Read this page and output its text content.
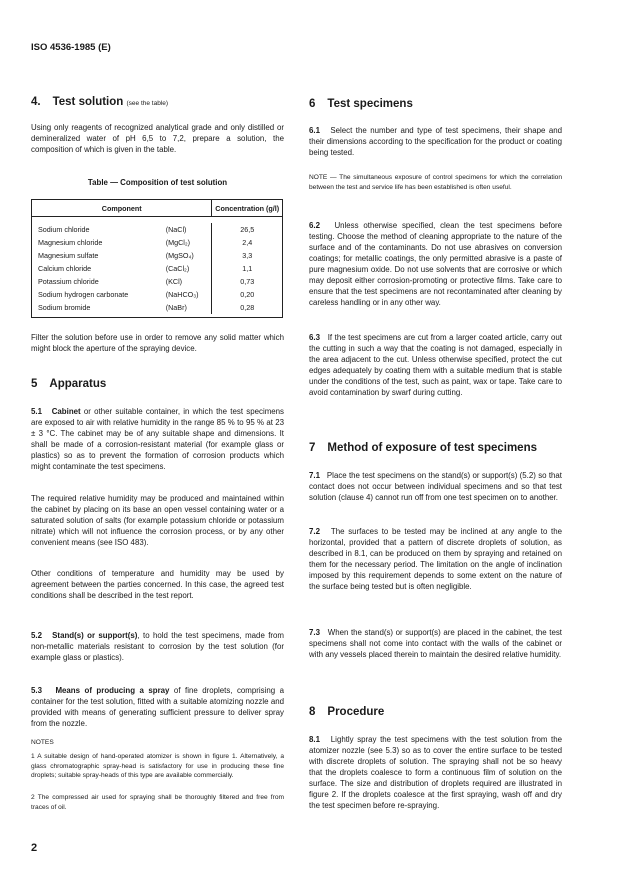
ISO 4536-1985 (E)
4. Test solution (see the table)
Using only reagents of recognized analytical grade and only distilled or demineralized water of pH 6,5 to 7,2, prepare a solution, the composition of which is given in the table.
Table — Composition of test solution
Component		Concentration (g/l)

Sodium chloride	(NaCl)	26,5
Magnesium chloride	(MgCl₂)	2,4
Magnesium sulfate	(MgSO₄)	3,3
Calcium chloride	(CaCl₂)	1,1
Potassium chloride	(KCl)	0,73
Sodium hydrogen carbonate	(NaHCO₃)	0,20
Sodium bromide	(NaBr)	0,28

Filter the solution before use in order to remove any solid matter which might block the aperture of the spraying device.
5 Apparatus
5.1 Cabinet or other suitable container, in which the test specimens are exposed to air with relative humidity in the range 85 % to 95 % at 23 ± 3 °C. The cabinet may be of any suitable shape and dimensions. It shall be made of a corrosion-resistant material (for example glass or plastics) so as to prevent the formation of corrosion products which might contaminate the test specimens.
The required relative humidity may be produced and maintained within the cabinet by placing on its base an open vessel containing water or a saturated solution of salts (for example potassium chloride or potassium nitrate) which will not influence the corrosion process, or by any other convenient means (see ISO 483).
Other conditions of temperature and humidity may be used by agreement between the parties concerned. In this case, the agreed test conditions shall be described in the test report.
5.2 Stand(s) or support(s), to hold the test specimens, made from non-metallic materials resistant to corrosion by the test solution (for example glass or plastics).
5.3 Means of producing a spray of fine droplets, comprising a container for the test solution, fitted with a suitable atomizing nozzle and provided with means of generating sufficient pressure to deliver spray from the nozzle.
NOTES
1 A suitable design of hand-operated atomizer is shown in figure 1. Alternatively, a glass chromatographic spray-head is satisfactory for use in producing these fine droplets; suitable spray-heads of this type are available commercially.
2 The compressed air used for spraying shall be thoroughly filtered and free from traces of oil.
2
6 Test specimens
6.1 Select the number and type of test specimens, their shape and their dimensions according to the specification for the product or coating being tested.
NOTE — The simultaneous exposure of control specimens for which the correlation between the test and service life has been established is often useful.
6.2 Unless otherwise specified, clean the test specimens before testing. Choose the method of cleaning appropriate to the nature of the surface and of the contaminants. Do not use abrasives on conversion coatings; for metallic coatings, the only permitted abrasive is a paste of pure magnesium oxide. Do not use solvents that are corrosive or which may deposit either corrosion-promoting or protective films. Take care to ensure that the test specimens are not recontaminated after cleaning by careless handling or in any other way.
6.3 If the test specimens are cut from a larger coated article, carry out the cutting in such a way that the coating is not damaged, especially in the area adjacent to the cut. Unless otherwise specified, protect the cut edges adequately by coating them with a suitable medium that is stable under the conditions of the test, such as paint, wax or tape. Take care to avoid contamination by swarf during cutting.
7 Method of exposure of test specimens
7.1 Place the test specimens on the stand(s) or support(s) (5.2) so that contact does not occur between individual specimens and so that test solution (clause 4) cannot run off from one test specimen on to another.
7.2 The surfaces to be tested may be inclined at any angle to the horizontal, provided that a pattern of discrete droplets of solution, as described in 8.1, can be produced on them by spraying and retained on them for the necessary period. The limitation on the angle of inclination imposed by this requirement depends to some extent on the nature of the surface being tested but is often negligible.
7.3 When the stand(s) or support(s) are placed in the cabinet, the test specimens shall not come into contact with the walls of the cabinet or with any vessels placed therein to maintain the desired relative humidity.
8 Procedure
8.1 Lightly spray the test specimens with the test solution from the atomizer nozzle (see 5.3) so as to cover the entire surface to be tested with discrete droplets of solution. The spraying shall not be so heavy that the droplets coalesce to form a continuous film of solution on the surface. The size and distribution of droplets required are illustrated in figure 2. If the droplets coalesce at the first spraying, wash off and dry the test specimen before re-spraying.
